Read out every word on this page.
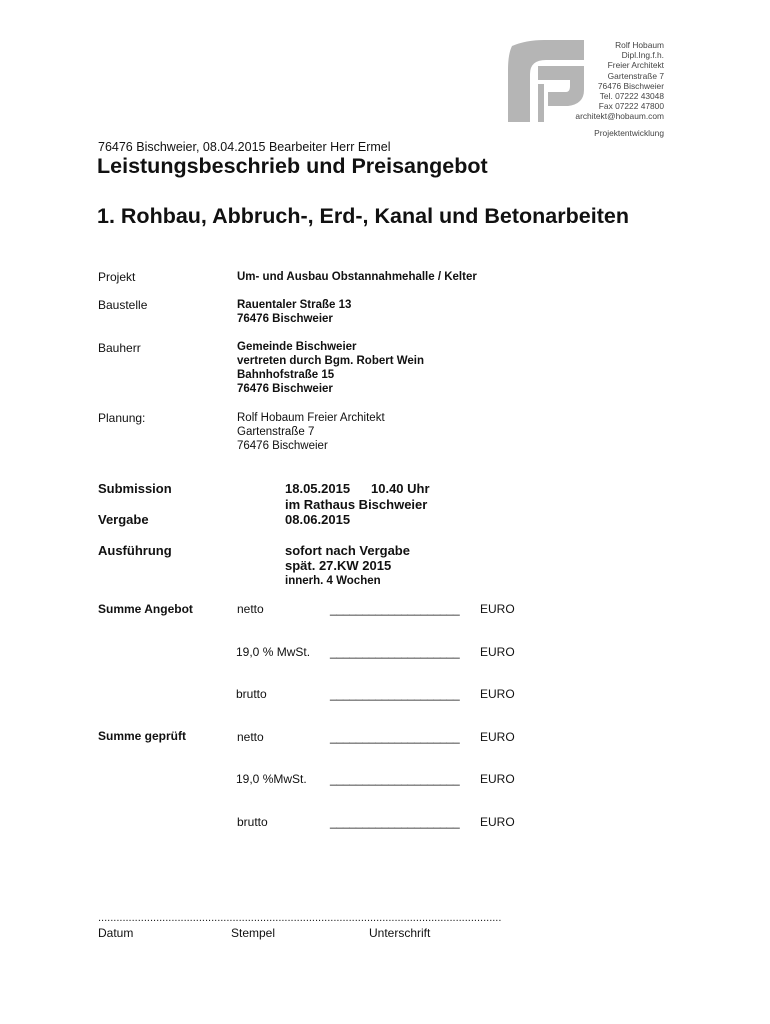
Rolf Hobaum
Dipl.Ing.f.h.
Freier Architekt
Gartenstraße 7
76476 Bischweier
Tel. 07222 43048
Fax 07222 47800
architekt@hobaum.com
Projektentwicklung
76476 Bischweier, 08.04.2015 Bearbeiter Herr Ermel
Leistungsbeschrieb und Preisangebot
1. Rohbau, Abbruch-, Erd-, Kanal und Betonarbeiten
Projekt	Um- und Ausbau Obstannahmehalle / Kelter
Baustelle	Rauentaler Straße 13
76476 Bischweier
Bauherr	Gemeinde Bischweier
vertreten durch Bgm. Robert Wein
Bahnhofstraße 15
76476 Bischweier
Planung:	Rolf Hobaum Freier Architekt
Gartenstraße 7
76476 Bischweier
Submission	18.05.2015 10.40 Uhr
im Rathaus Bischweier
Vergabe	08.06.2015
Ausführung	sofort nach Vergabe
spät. 27.KW 2015
innerh. 4 Wochen
Summe Angebot	netto	____________________ EURO
19,0 % MwSt. ____________________ EURO
brutto	____________________ EURO
Summe geprüft	netto	____________________ EURO
19,0 %MwSt. ____________________ EURO
brutto	____________________ EURO
....................................................................................................................................
Datum	Stempel	Unterschrift
